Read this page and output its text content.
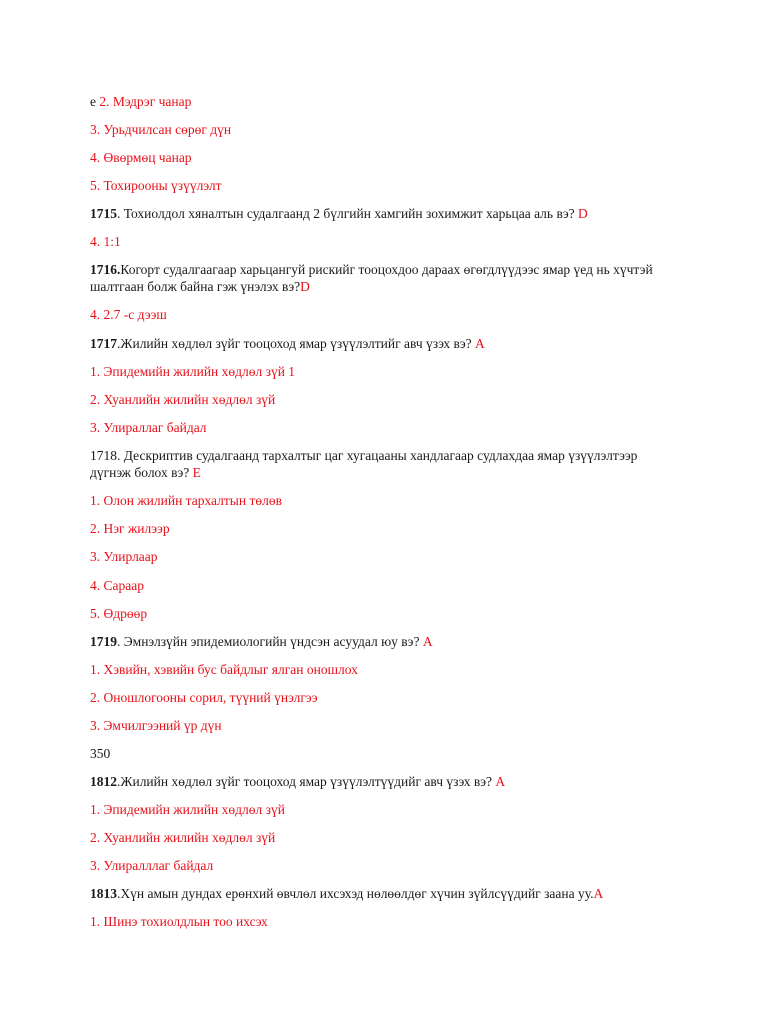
е 2. Мэдрэг чанар
3. Урьдчилсан сөрөг дүн
4. Өвөрмөц чанар
5. Тохирооны үзүүлэлт
1715. Тохиолдол хяналтын судалгаанд 2 бүлгийн хамгийн зохимжит харьцаа аль вэ? D
4. 1:1
1716.Когорт судалгаагаар харьцангуй рискийг тооцохдоо дараах өгөгдлүүдээс ямар үед нь хүчтэй шалтгаан болж байна гэж үнэлэх вэ?D
4. 2.7 -с дээш
1717.Жилийн хөдлөл зүйг тооцоход ямар үзүүлэлтийг авч үзэх вэ? A
1. Эпидемийн жилийн хөдлөл зүй 1
2. Хуанлийн жилийн хөдлөл зүй
3. Улираллаг байдал
1718. Дескриптив судалгаанд тархалтыг цаг хугацааны хандлагаар судлахдаа ямар үзүүлэлтээр дүгнэж болох вэ? E
1. Олон жилийн тархалтын төлөв
2. Нэг жилээр
3. Улирлаар
4. Сараар
5. Өдрөөр
1719. Эмнэлзүйн эпидемиологийн үндсэн асуудал юу вэ? A
1. Хэвийн, хэвийн бус байдлыг ялган оношлох
2. Оношлогооны сорил, түүний үнэлгээ
3. Эмчилгээний үр дүн
350
1812.Жилийн хөдлөл зүйг тооцоход ямар үзүүлэлтүүдийг авч үзэх вэ? A
1. Эпидемийн жилийн хөдлөл зүй
2. Хуанлийн жилийн хөдлөл зүй
3. Улиралллаг байдал
1813.Хүн амын дундах ерөнхий өвчлөл ихсэхэд нөлөөлдөг хүчин зүйлсүүдийг заана уу.A
1. Шинэ тохиолдлын тоо ихсэх
